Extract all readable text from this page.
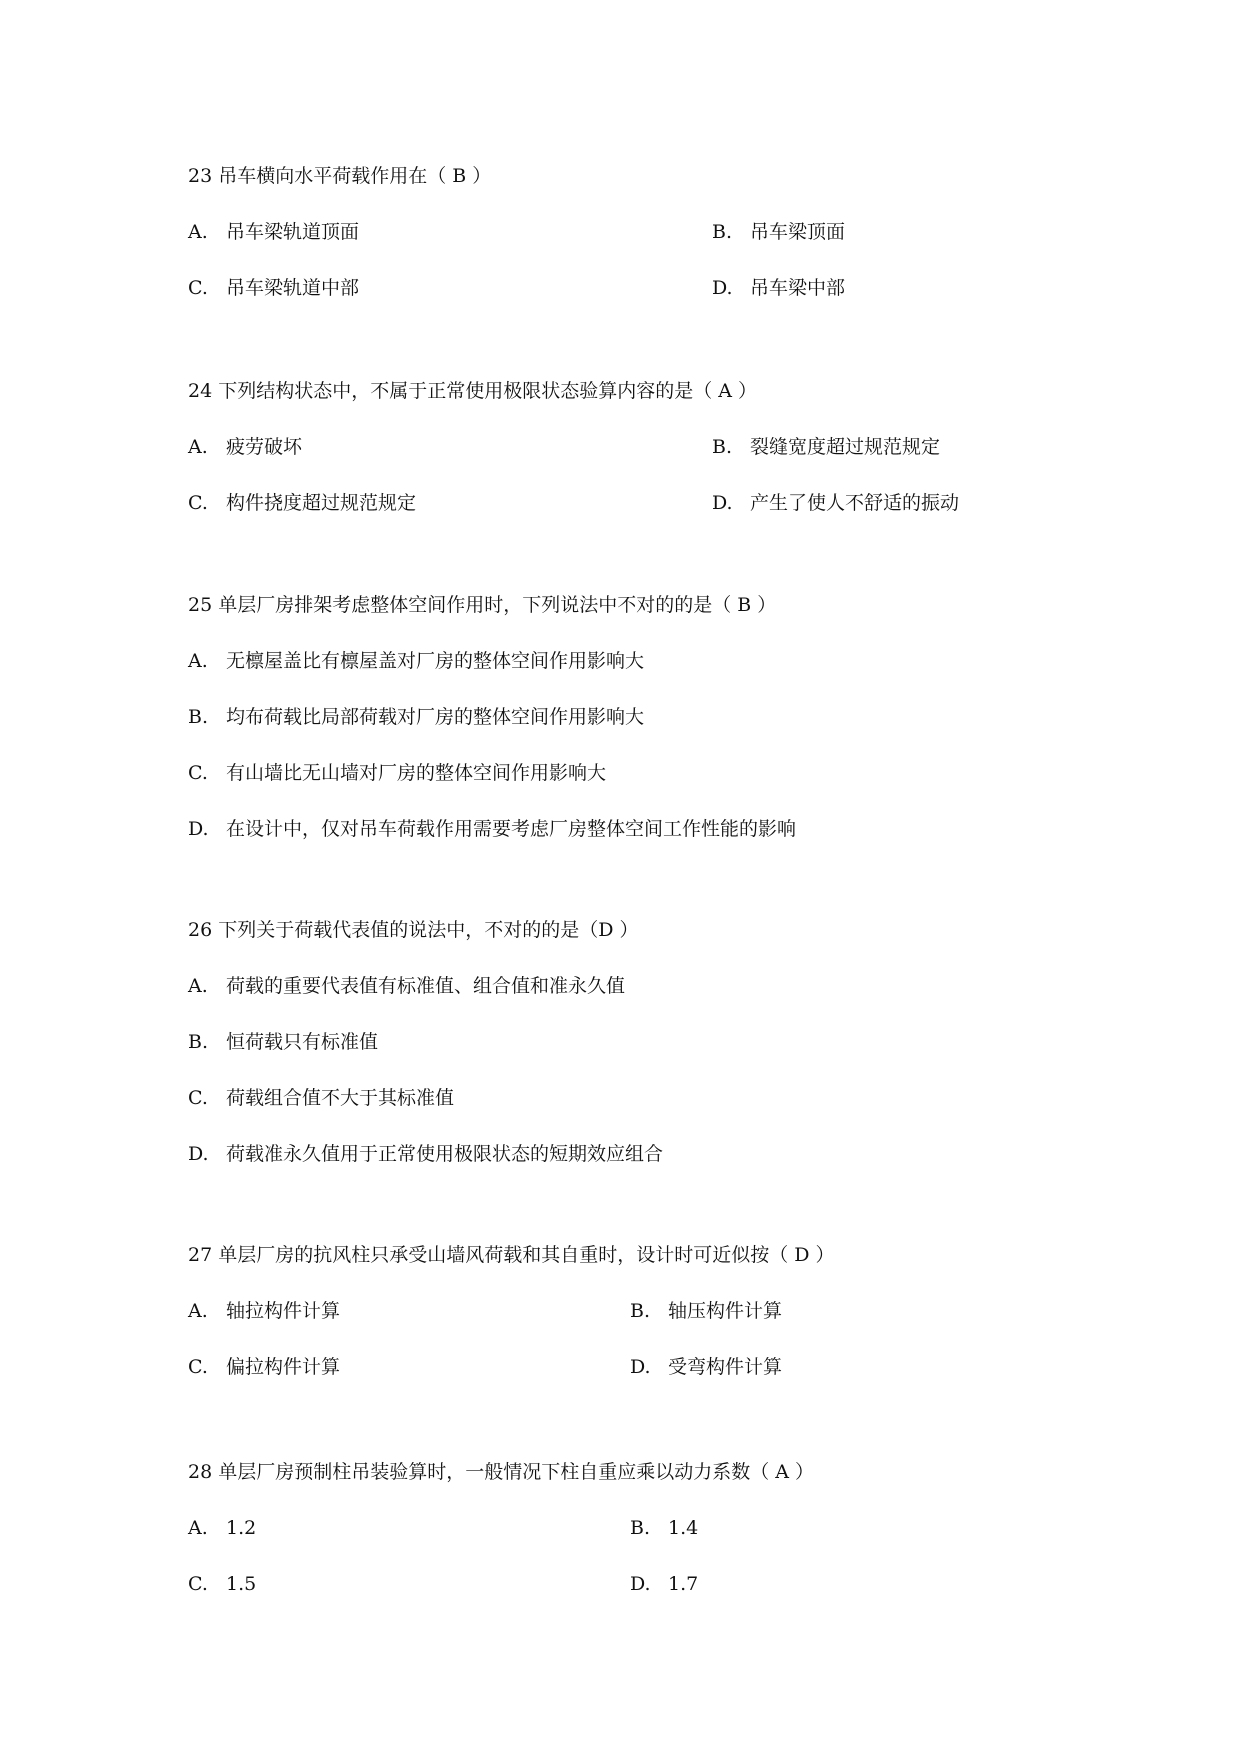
23 吊车横向水平荷载作用在（ B ）
A. 吊车梁轨道顶面	B. 吊车梁顶面
C. 吊车梁轨道中部	D. 吊车梁中部
24 下列结构状态中，不属于正常使用极限状态验算内容的是（ A ）
A. 疲劳破坏	B. 裂缝宽度超过规范规定
C. 构件挠度超过规范规定	D. 产生了使人不舒适的振动
25 单层厂房排架考虑整体空间作用时，下列说法中不对的的是（ B ）
A. 无檩屋盖比有檩屋盖对厂房的整体空间作用影响大
B. 均布荷载比局部荷载对厂房的整体空间作用影响大
C. 有山墙比无山墙对厂房的整体空间作用影响大
D. 在设计中，仅对吊车荷载作用需要考虑厂房整体空间工作性能的影响
26 下列关于荷载代表值的说法中，不对的的是（D ）
A. 荷载的重要代表值有标准值、组合值和准永久值
B. 恒荷载只有标准值
C. 荷载组合值不大于其标准值
D. 荷载准永久值用于正常使用极限状态的短期效应组合
27 单层厂房的抗风柱只承受山墙风荷载和其自重时，设计时可近似按（ D ）
A. 轴拉构件计算	B. 轴压构件计算
C. 偏拉构件计算	D. 受弯构件计算
28 单层厂房预制柱吊装验算时，一般情况下柱自重应乘以动力系数（ A ）
A. 1.2	B. 1.4
C. 1.5	D. 1.7
